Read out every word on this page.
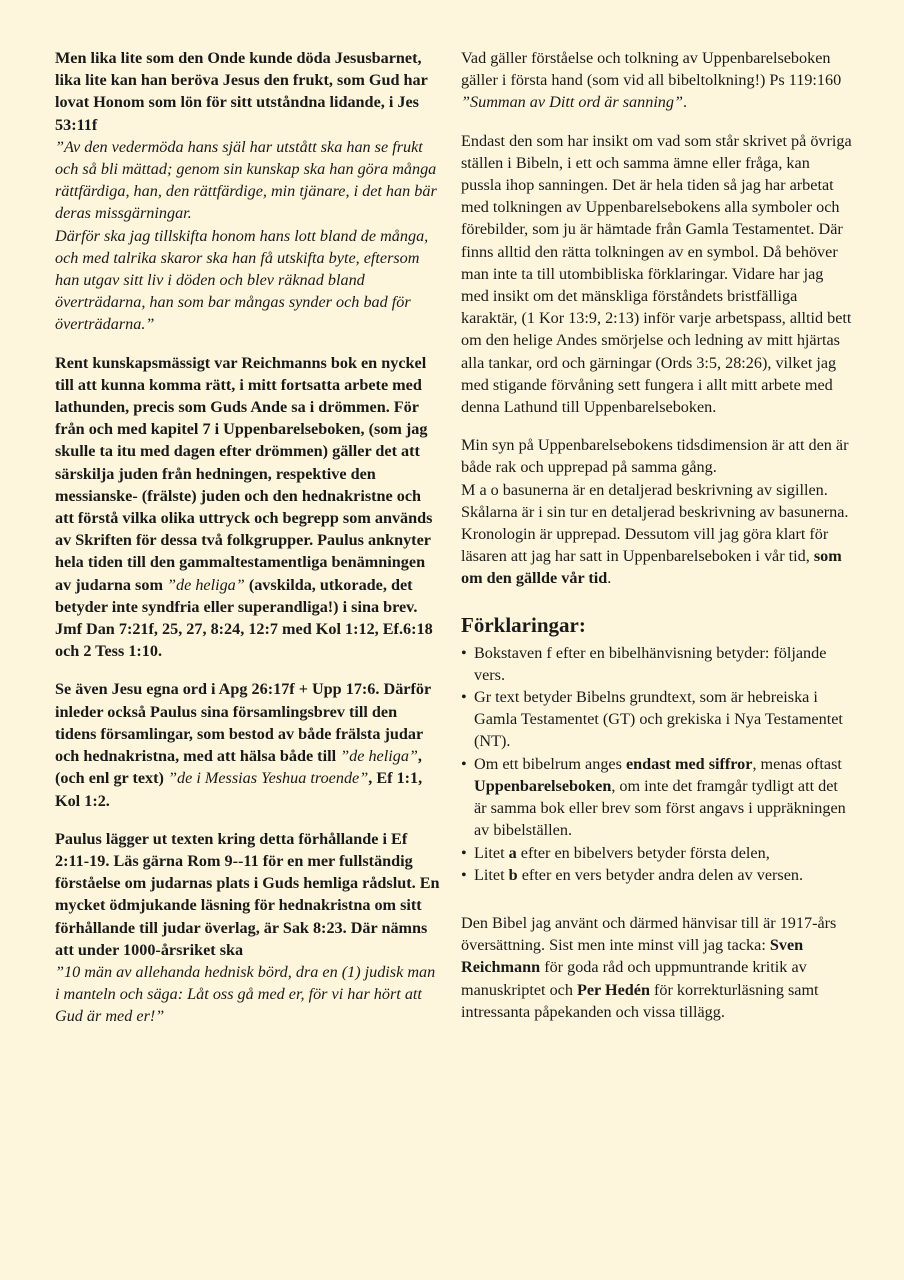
Men lika lite som den Onde kunde döda Jesusbarnet, lika lite kan han beröva Jesus den frukt, som Gud har lovat Honom som lön för sitt utståndna lidande, i Jes 53:11f
”Av den vedermöda hans själ har utstått ska han se frukt och så bli mättad; genom sin kunskap ska han göra många rättfärdiga, han, den rättfärdige, min tjänare, i det han bär deras missgärningar.
Därför ska jag tillskifta honom hans lott bland de många, och med talrika skaror ska han få utskifta byte, eftersom han utgav sitt liv i döden och blev räknad bland överträdarna, han som bar mångas synder och bad för överträdarna.”
Rent kunskapsmässigt var Reichmanns bok en nyckel till att kunna komma rätt, i mitt fortsatta arbete med lathunden, precis som Guds Ande sa i drömmen. För från och med kapitel 7 i Uppenbarelseboken, (som jag skulle ta itu med dagen efter drömmen) gäller det att särskilja juden från hedningen, respektive den messianske- (frälste) juden och den hednakristne och att förstå vilka olika uttryck och begrepp som används av Skriften för dessa två folkgrupper. Paulus anknyter hela tiden till den gammaltestamentliga benämningen av judarna som ”de heliga” (avskilda, utkorade, det betyder inte syndfria eller superandliga!) i sina brev. Jmf Dan 7:21f, 25, 27, 8:24, 12:7 med Kol 1:12, Ef.6:18 och 2 Tess 1:10.
Se även Jesu egna ord i Apg 26:17f + Upp 17:6. Därför inleder också Paulus sina församlingsbrev till den tidens församlingar, som bestod av både frälsta judar och hednakristna, med att hälsa både till ”de heliga”, (och enl gr text) ”de i Messias Yeshua troende”, Ef 1:1, Kol 1:2.
Paulus lägger ut texten kring detta förhållande i Ef 2:11-19. Läs gärna Rom 9--11 för en mer fullständig förståelse om judarnas plats i Guds hemliga rådslut. En mycket ödmjukande läsning för hednakristna om sitt förhållande till judar överlag, är Sak 8:23. Där nämns att under 1000-årsriket ska
”10 män av allehanda hednisk börd, dra en (1) judisk man i manteln och säga: Låt oss gå med er, för vi har hört att Gud är med er!”
Vad gäller förståelse och tolkning av Uppenbarelseboken gäller i första hand (som vid all bibeltolkning!) Ps 119:160 ”Summan av Ditt ord är sanning”.
Endast den som har insikt om vad som står skrivet på övriga ställen i Bibeln, i ett och samma ämne eller fråga, kan pussla ihop sanningen. Det är hela tiden så jag har arbetat med tolkningen av Uppenbarelsebokens alla symboler och förebilder, som ju är hämtade från Gamla Testamentet. Där finns alltid den rätta tolkningen av en symbol. Då behöver man inte ta till utombibliska förklaringar. Vidare har jag med insikt om det mänskliga förståndets bristfälliga karaktär, (1 Kor 13:9, 2:13) inför varje arbetspass, alltid bett om den helige Andes smörjelse och ledning av mitt hjärtas alla tankar, ord och gärningar (Ords 3:5, 28:26), vilket jag med stigande förvåning sett fungera i allt mitt arbete med denna Lathund till Uppenbarelseboken.
Min syn på Uppenbarelsebokens tidsdimension är att den är både rak och upprepad på samma gång.
M a o basunerna är en detaljerad beskrivning av sigillen. Skålarna är i sin tur en detaljerad beskrivning av basunerna. Kronologin är upprepad. Dessutom vill jag göra klart för läsaren att jag har satt in Uppenbarelseboken i vår tid, som om den gällde vår tid.
Förklaringar:
• Bokstaven f efter en bibelhänvisning betyder: följande vers.
• Gr text betyder Bibelns grundtext, som är hebreiska i Gamla Testamentet (GT) och grekiska i Nya Testamentet (NT).
• Om ett bibelrum anges endast med siffror, menas oftast Uppenbarelseboken, om inte det framgår tydligt att det är samma bok eller brev som först angavs i uppräkningen av bibelställen.
• Litet a efter en bibelvers betyder första delen,
• Litet b efter en vers betyder andra delen av versen.
Den Bibel jag använt och därmed hänvisar till är 1917-års översättning. Sist men inte minst vill jag tacka: Sven Reichmann för goda råd och uppmuntrande kritik av manuskriptet och Per Hedén för korrekturläsning samt intressanta påpekanden och vissa tillägg.
